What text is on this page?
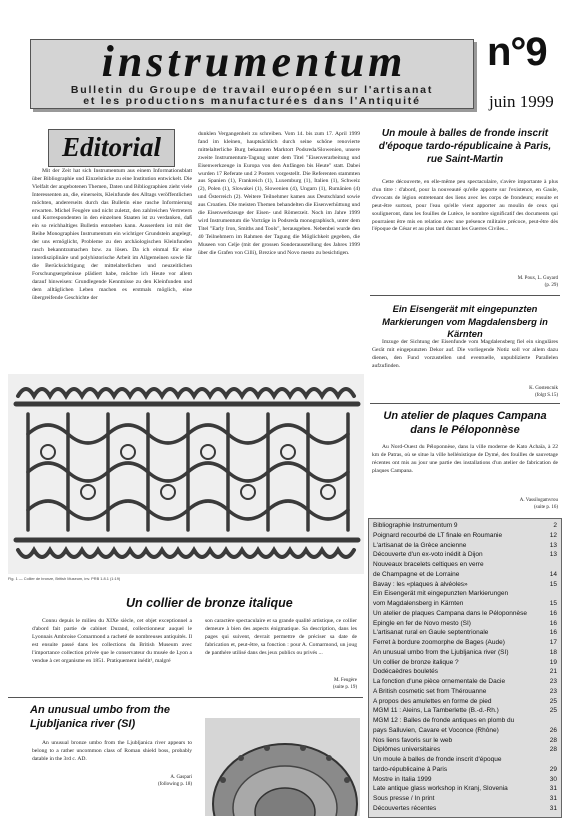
instrumentum
Bulletin du Groupe de travail européen sur l'artisanat
et les productions manufacturées dans l'Antiquité
n°9
juin 1999
Editorial

Mit der Zeit hat sich Instrumentum aus einem Informationsblatt über Bibliographie und Einzelstücke zu eine Institution entwickelt. Die Vielfalt der angebotenen Themen, Daten und Bibliographien zieht viele Interessenten an, die, einerseits, Kleinfunde des Alltags veröffentlichen möchten, andererseits durch das Bulletin eine rasche Informierung erwarten. Michel Feugère und nicht zuletzt, den zahlreichen Vertretern und Korrespondenten in den einzelnen Staaten ist zu verdanken, daß ein so reichhaltiges Bulletin entstehen kann. Ausserdem ist mit der Reihe Monographies Instrumentum ein wichtiger Grundstein angelegt, der uns ermöglicht, Probleme zu den archäologischen Kleinfunden rasch bekanntzumachen bzw. zu lösen. Da ich einmal für eine interdisziplinäre und polyhistorische Arbeit im Allgemeinen sowie für die Berücksichtigung der mittelalterlichen und neuzeitlichen Forschungsergebnisse plädiert habe, möchte ich Heute vor allem darauf hinweisen: Grundlegende Kenntnisse zu den Kleinfunden und dem alltäglichen Leben machen es erstmals möglich, eine übergreifende Geschichte der

dunklen Vergangenheit zu schreiben. Vom 14. bis zum 17. April 1999 fand im kleinen, hauptsächlich durch seine schöne renovierte mittelalterliche Burg bekannten Marktort Podsreda/Slowenien, unsere zweite Instrumentum-Tagung unter dem Titel "Eisenverarbeitung und Eisenwerkzeuge in Europa von den Anfängen bis Heute" statt. Dabei wurden 17 Referate und 2 Posters vorgestellt. Die Referenten stammten aus Spanien (1), Frankreich (1), Luxemburg (1), Italien (1), Schweiz (2), Polen (1), Slowakei (1), Slowenien (4), Ungarn (1), Rumänien (4) und Österreich (2). Weitere Teilnehmer kamen aus Deutschland sowie aus Croatien. Die meisten Themen behandelten die Eisenverhüttung und die Eisenwerkzeuge der Eisen- und Römerzeit. Noch im Jahre 1999 wird Instrumentum die Vorträge in Podsreda monographisch, unter dem Titel "Early Iron, Smiths and Tools", herausgeben. Nebenbei wurde den 40 Teilnehmern im Rahmen der Tagung die Möglichkeit gegeben, die Museen von Celje (mit der grossen Sonderausstellung des Jahres 1999 über die Grafen von Cilli), Brezice und Novo mesto zu besichtigen.

Un moule à balles de fronde inscrit d'époque tardo-républicaine à Paris, rue Saint-Martin

Cette découverte, en elle-même peu spectaculaire, s'avère importante à plus d'un titre : d'abord, pour la nouveauté qu'elle apporte sur l'existence, en Gaule, d'evocats de légion entretenant des liens avec les corps de frondeurs; ensuite et peut-être surtout, pour l'eau qu'elle vient apporter au moulin de ceux qui souligneront, dans les fouilles de Lutèce, le nombre significatif des documents qui pourraient être mis en relation avec une présence militaire précoce, peut-être dès l'époque de César et au plus tard durant les Guerres Civiles...

M. Poux, L. Guyard
(p. 29)
Ein Eisengerät mit eingepunzten Markierungen vom Magdalensberg in Kärnten

Imzuge der Sichtung der Eisenfunde vom Magdalensberg fiel ein singuläres Gerät mit eingepunzten Dekor auf. Die vorliegende Notiz soll vor allem dazu dienen, den Fund vorzustellen und eventuelle, unpublizierte Parallelen aufzufinden.

K. Gostencnik
(folgt S.15)
Un atelier de plaques Campana dans le Péloponnèse

Au Nord-Ouest du Péloponnèse, dans la ville moderne de Kato Achaïa, à 22 km de Patras, où se situe la ville hellénistique de Dymé, des fouilles de sauvetage récentes ont mis au jour une partie des installations d'un atelier de fabrication de plaques Campana.

A. Vassilogamvrou
(suite p. 16)
Bibliographie Instrumentum 9	2
Poignard recourbé de LT finale en Roumanie	12
L'artisanat de la Grèce ancienne	13
Découverte d'un ex-voto inédit à Dijon	13
Nouveaux bracelets celtiques en verre
de Champagne et de Lorraine	14
Bavay : les «plaques à alvéoles»	15
Ein Eisengerät mit eingepunzten Markierungen
vom Magdalensberg in Kärnten	15
Un atelier de plaques Campana dans le Péloponnèse	16
Epingle en fer de Novo mesto (SI)	16
L'artisanat rural en Gaule septentrionale	16
Ferret à bordure zoomorphe de Bages (Aude)	17
An unusual umbo from the Ljubljanica river (SI)	18
Un collier de bronze italique ?	19
Dodécaèdres bouletés	21
La fonction d'une pièce ornementale de Dacie	23
A British cosmetic set from Thérouanne	23
A propos des amulettes en forme de pied	25
MGM 11 : Aleins, La Tamberlette (B.-d.-Rh.)	25
MGM 12 : Balles de fronde antiques en plomb du
pays Salluvien, Cavare et Voconce (Rhône)	26
Nos liens favoris sur le web	28
Diplômes universitaires	28
Un moule à balles de fronde inscrit d'époque
tardo-républicaine à Paris	29
Mostre in Italia 1999	30
Late antique glass workshop in Kranj, Slovenia	31
Sous presse / In print	31
Découvertes récentes	31
Fig. 1 — Collier de bronze, British Museum, inv. PRB 1.8.1 (1:19)
Un collier de bronze italique

Connu depuis le milieu du XIXe siècle, cet objet exceptionnel a d'abord fait partie de cabinet Durand, collectionneur auquel le Lyonnais Ambroise Comarmond a racheté de nombreuses antiquités. Il est ensuite passé dans les collections du British Museum avec l'importance collection privée que le conservateur du musée de Lyon a vendue à cet organisme en 1851. Pratiquement inédit¹, malgré

son caractère spectaculaire et sa grande qualité artistique, ce collier demeure à bien des aspects énigmatique. Sa description, dans les pages qui suivent, devrait permettre de préciser sa date de fabrication et, peut-être, sa fonction : pour A. Comarmond, un joug de panthère utilisé dans des jeux publics ou privés ...

M. Feugère
(suite p. 19)
An unusual umbo from the Ljubljanica river (SI)

An unusual bronze umbo from the Ljubljanica river appears to belong to a rather uncommon class of Roman shield boss, probably datable in the 3rd c. AD.

A. Gaspari
(following p. 18)
